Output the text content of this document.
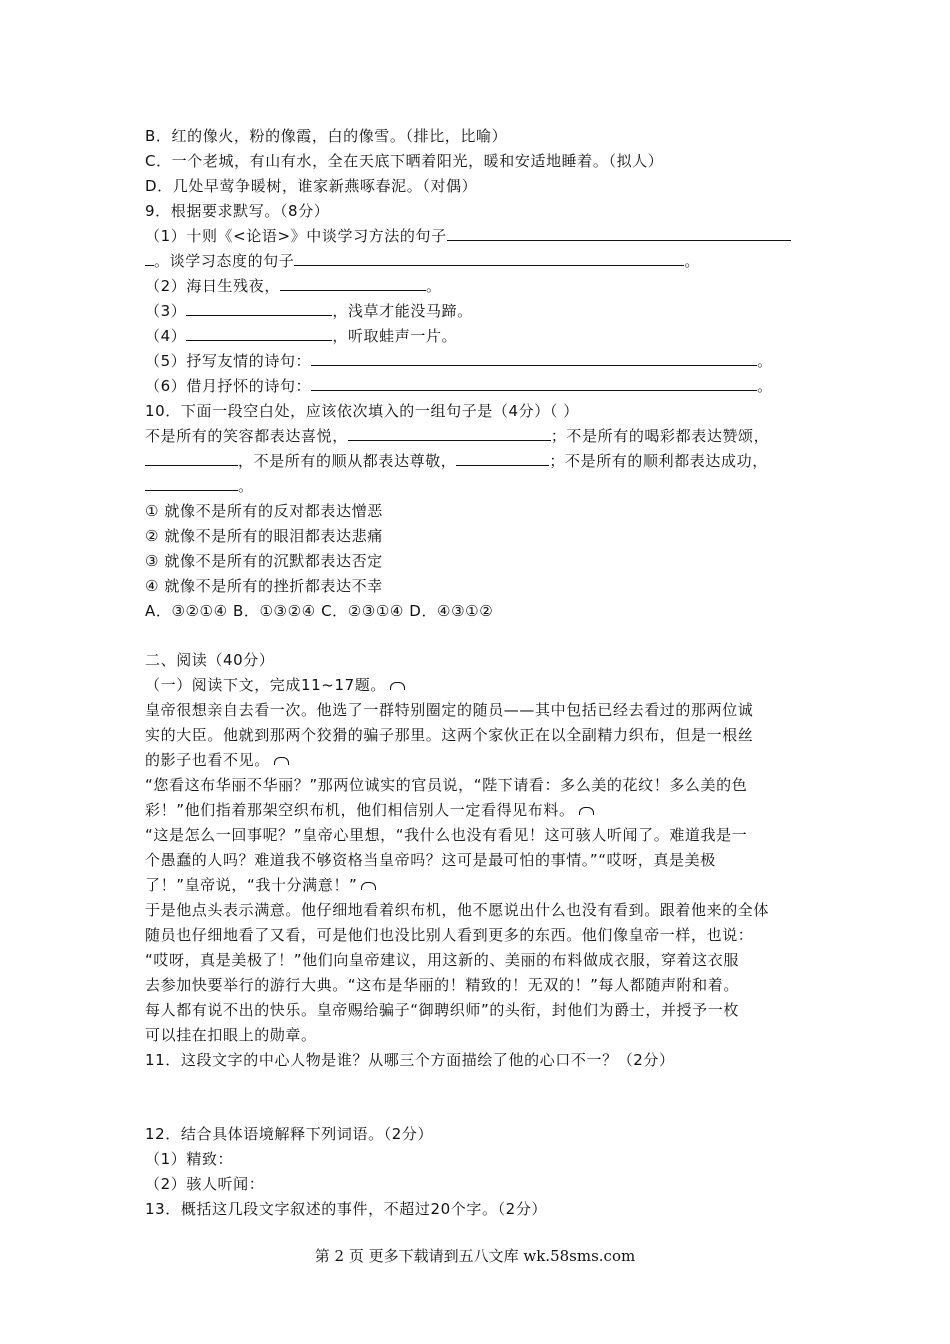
B．红的像火，粉的像霞，白的像雪。（排比，比喻）
C．一个老城，有山有水，全在天底下晒着阳光，暖和安适地睡着。（拟人）
D．几处早莺争暖树，谁家新燕啄春泥。（对偶）
9．根据要求默写。（8分）
（1）十则《<论语>》中谈学习方法的句子
。谈学习态度的句子	。
（2）海日生残夜，	。
（3）	，浅草才能没马蹄。
（4）	，听取蛙声一片。
（5）抒写友情的诗句：	。
（6）借月抒怀的诗句：	。
10．下面一段空白处，应该依次填入的一组句子是（4分）（ ）
不是所有的笑容都表达喜悦，	；不是所有的喝彩都表达赞颂，
，不是所有的顺从都表达尊敬，	；不是所有的顺利都表达成功，
。
① 就像不是所有的反对都表达憎恶
② 就像不是所有的眼泪都表达悲痛
③ 就像不是所有的沉默都表达否定
④ 就像不是所有的挫折都表达不幸
A．③②①④ B．①③②④ C．②③①④ D．④③①②
二、阅读（40分）
（一）阅读下文，完成11~17题。
皇帝很想亲自去看一次。他选了一群特别圈定的随员——其中包括已经去看过的那两位诚
实的大臣。他就到那两个狡猾的骗子那里。这两个家伙正在以全副精力织布，但是一根丝
的影子也看不见。
“您看这布华丽不华丽？”那两位诚实的官员说，“陛下请看：多么美的花纹！多么美的色
彩！”他们指着那架空织布机，他们相信别人一定看得见布料。
“这是怎么一回事呢？”皇帝心里想，“我什么也没有看见！这可骇人听闻了。难道我是一
个愚蠢的人吗？难道我不够资格当皇帝吗？这可是最可怕的事情。”“哎呀，真是美极
了！”皇帝说，“我十分满意！”
于是他点头表示满意。他仔细地看着织布机，他不愿说出什么也没有看到。跟着他来的全体
随员也仔细地看了又看，可是他们也没比别人看到更多的东西。他们像皇帝一样，也说：
“哎呀，真是美极了！”他们向皇帝建议，用这新的、美丽的布料做成衣服，穿着这衣服
去参加快要举行的游行大典。“这布是华丽的！精致的！无双的！”每人都随声附和着。
每人都有说不出的快乐。皇帝赐给骗子“御聘织师”的头衔，封他们为爵士，并授予一枚
可以挂在扣眼上的勋章。
11．这段文字的中心人物是谁？从哪三个方面描绘了他的心口不一？（2分）
12．结合具体语境解释下列词语。（2分）
（1）精致：
（2）骇人听闻：
13．概括这几段文字叙述的事件，不超过20个字。（2分）
第 2 页 更多下载请到五八文库 wk.58sms.com
